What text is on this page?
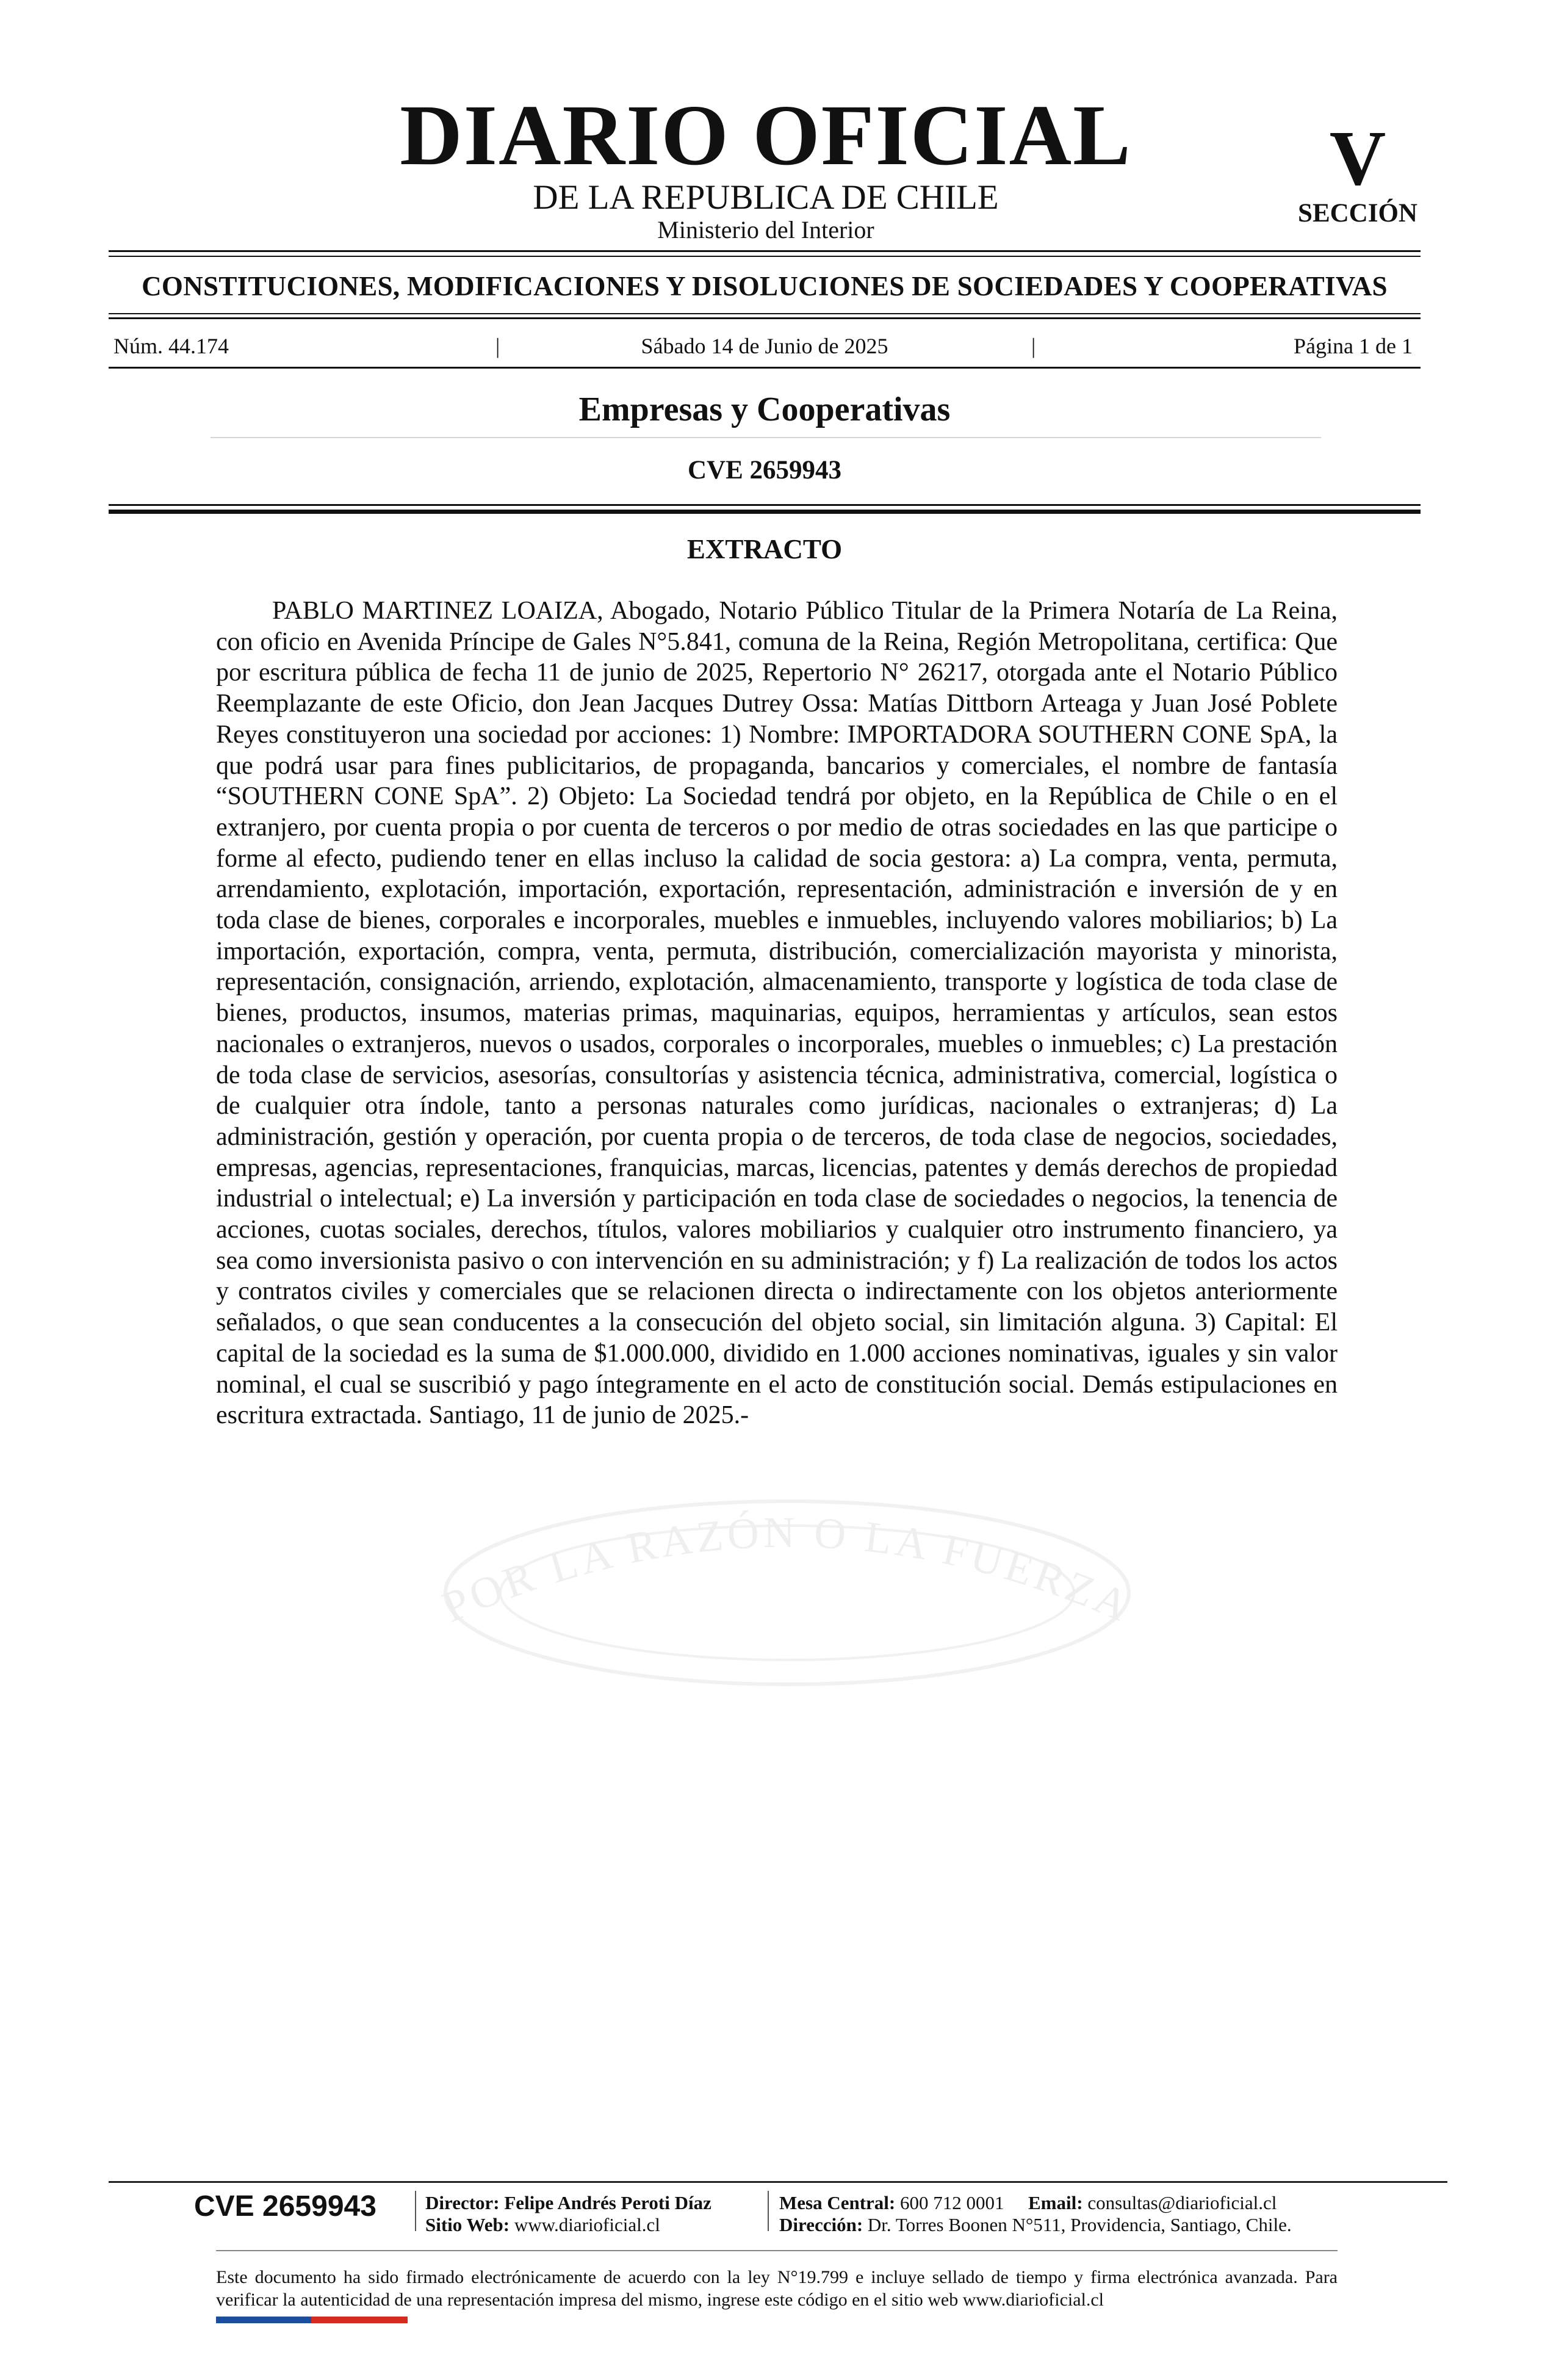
DIARIO OFICIAL
DE LA REPUBLICA DE CHILE
Ministerio del Interior
V
SECCIÓN
CONSTITUCIONES, MODIFICACIONES Y DISOLUCIONES DE SOCIEDADES Y COOPERATIVAS
Núm. 44.174	|	Sábado 14 de Junio de 2025	|	Página 1 de 1
Empresas y Cooperativas
CVE 2659943
EXTRACTO
POR LA RAZÓN O LA FUERZA

PABLO MARTINEZ LOAIZA, Abogado, Notario Público Titular de la Primera Notaría de La Reina, con oficio en Avenida Príncipe de Gales N°5.841, comuna de la Reina, Región Metropolitana, certifica: Que por escritura pública de fecha 11 de junio de 2025, Repertorio N° 26217, otorgada ante el Notario Público Reemplazante de este Oficio, don Jean Jacques Dutrey Ossa: Matías Dittborn Arteaga y Juan José Poblete Reyes constituyeron una sociedad por acciones: 1) Nombre: IMPORTADORA SOUTHERN CONE SpA, la que podrá usar para fines publicitarios, de propaganda, bancarios y comerciales, el nombre de fantasía “SOUTHERN CONE SpA”. 2) Objeto: La Sociedad tendrá por objeto, en la República de Chile o en el extranjero, por cuenta propia o por cuenta de terceros o por medio de otras sociedades en las que participe o forme al efecto, pudiendo tener en ellas incluso la calidad de socia gestora: a) La compra, venta, permuta, arrendamiento, explotación, importación, exportación, representación, administración e inversión de y en toda clase de bienes, corporales e incorporales, muebles e inmuebles, incluyendo valores mobiliarios; b) La importación, exportación, compra, venta, permuta, distribución, comercialización mayorista y minorista, representación, consignación, arriendo, explotación, almacenamiento, transporte y logística de toda clase de bienes, productos, insumos, materias primas, maquinarias, equipos, herramientas y artículos, sean estos nacionales o extranjeros, nuevos o usados, corporales o incorporales, muebles o inmuebles; c) La prestación de toda clase de servicios, asesorías, consultorías y asistencia técnica, administrativa, comercial, logística o de cualquier otra índole, tanto a personas naturales como jurídicas, nacionales o extranjeras; d) La administración, gestión y operación, por cuenta propia o de terceros, de toda clase de negocios, sociedades, empresas, agencias, representaciones, franquicias, marcas, licencias, patentes y demás derechos de propiedad industrial o intelectual; e) La inversión y participación en toda clase de sociedades o negocios, la tenencia de acciones, cuotas sociales, derechos, títulos, valores mobiliarios y cualquier otro instrumento financiero, ya sea como inversionista pasivo o con intervención en su administración; y f) La realización de todos los actos y contratos civiles y comerciales que se relacionen directa o indirectamente con los objetos anteriormente señalados, o que sean conducentes a la consecución del objeto social, sin limitación alguna. 3) Capital: El capital de la sociedad es la suma de $1.000.000, dividido en 1.000 acciones nominativas, iguales y sin valor nominal, el cual se suscribió y pago íntegramente en el acto de constitución social. Demás estipulaciones en escritura extractada. Santiago, 11 de junio de 2025.-

CVE 2659943	Director: Felipe Andrés Peroti Díaz
Sitio Web: www.diarioficial.cl
Mesa Central: 600 712 0001 Email: consultas@diarioficial.cl
Dirección: Dr. Torres Boonen N°511, Providencia, Santiago, Chile.

Este documento ha sido firmado electrónicamente de acuerdo con la ley N°19.799 e incluye sellado de tiempo y firma electrónica avanzada. Para verificar la autenticidad de una representación impresa del mismo, ingrese este código en el sitio web www.diarioficial.cl
